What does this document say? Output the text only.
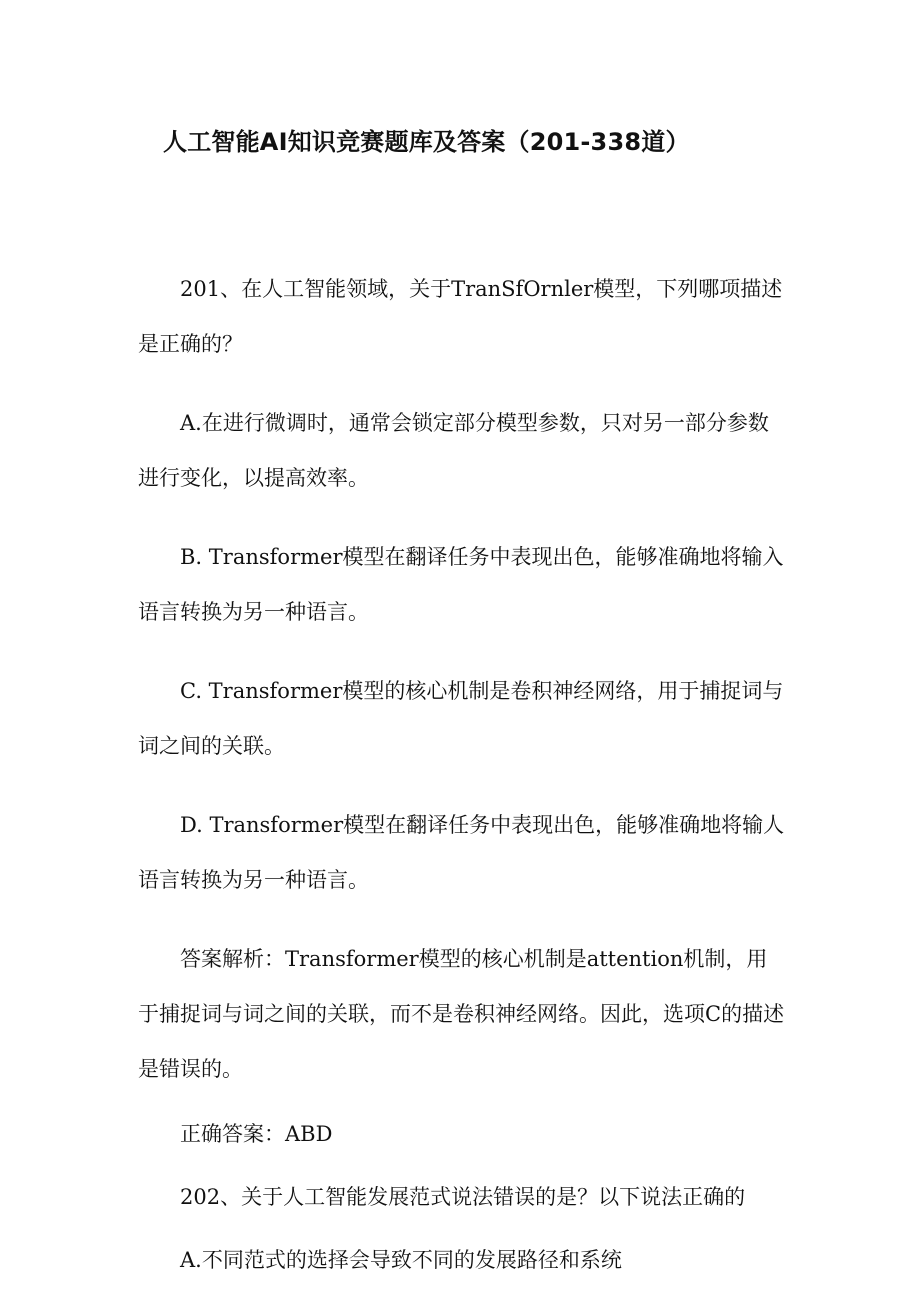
人工智能AI知识竞赛题库及答案（201-338道）

201、在人工智能领域，关于TranSfOrnler模型，下列哪项描述是正确的？

A.在进行微调时，通常会锁定部分模型参数，只对另一部分参数进行变化，以提高效率。

B. Transformer模型在翻译任务中表现出色，能够准确地将输入语言转换为另一种语言。

C. Transformer模型的核心机制是卷积神经网络，用于捕捉词与词之间的关联。

D. Transformer模型在翻译任务中表现出色，能够准确地将输人语言转换为另一种语言。

答案解析：Transformer模型的核心机制是attention机制，用于捕捉词与词之间的关联，而不是卷积神经网络。因此，选项C的描述是错误的。

正确答案：ABD

202、关于人工智能发展范式说法错误的是？以下说法正确的

A.不同范式的选择会导致不同的发展路径和系统
